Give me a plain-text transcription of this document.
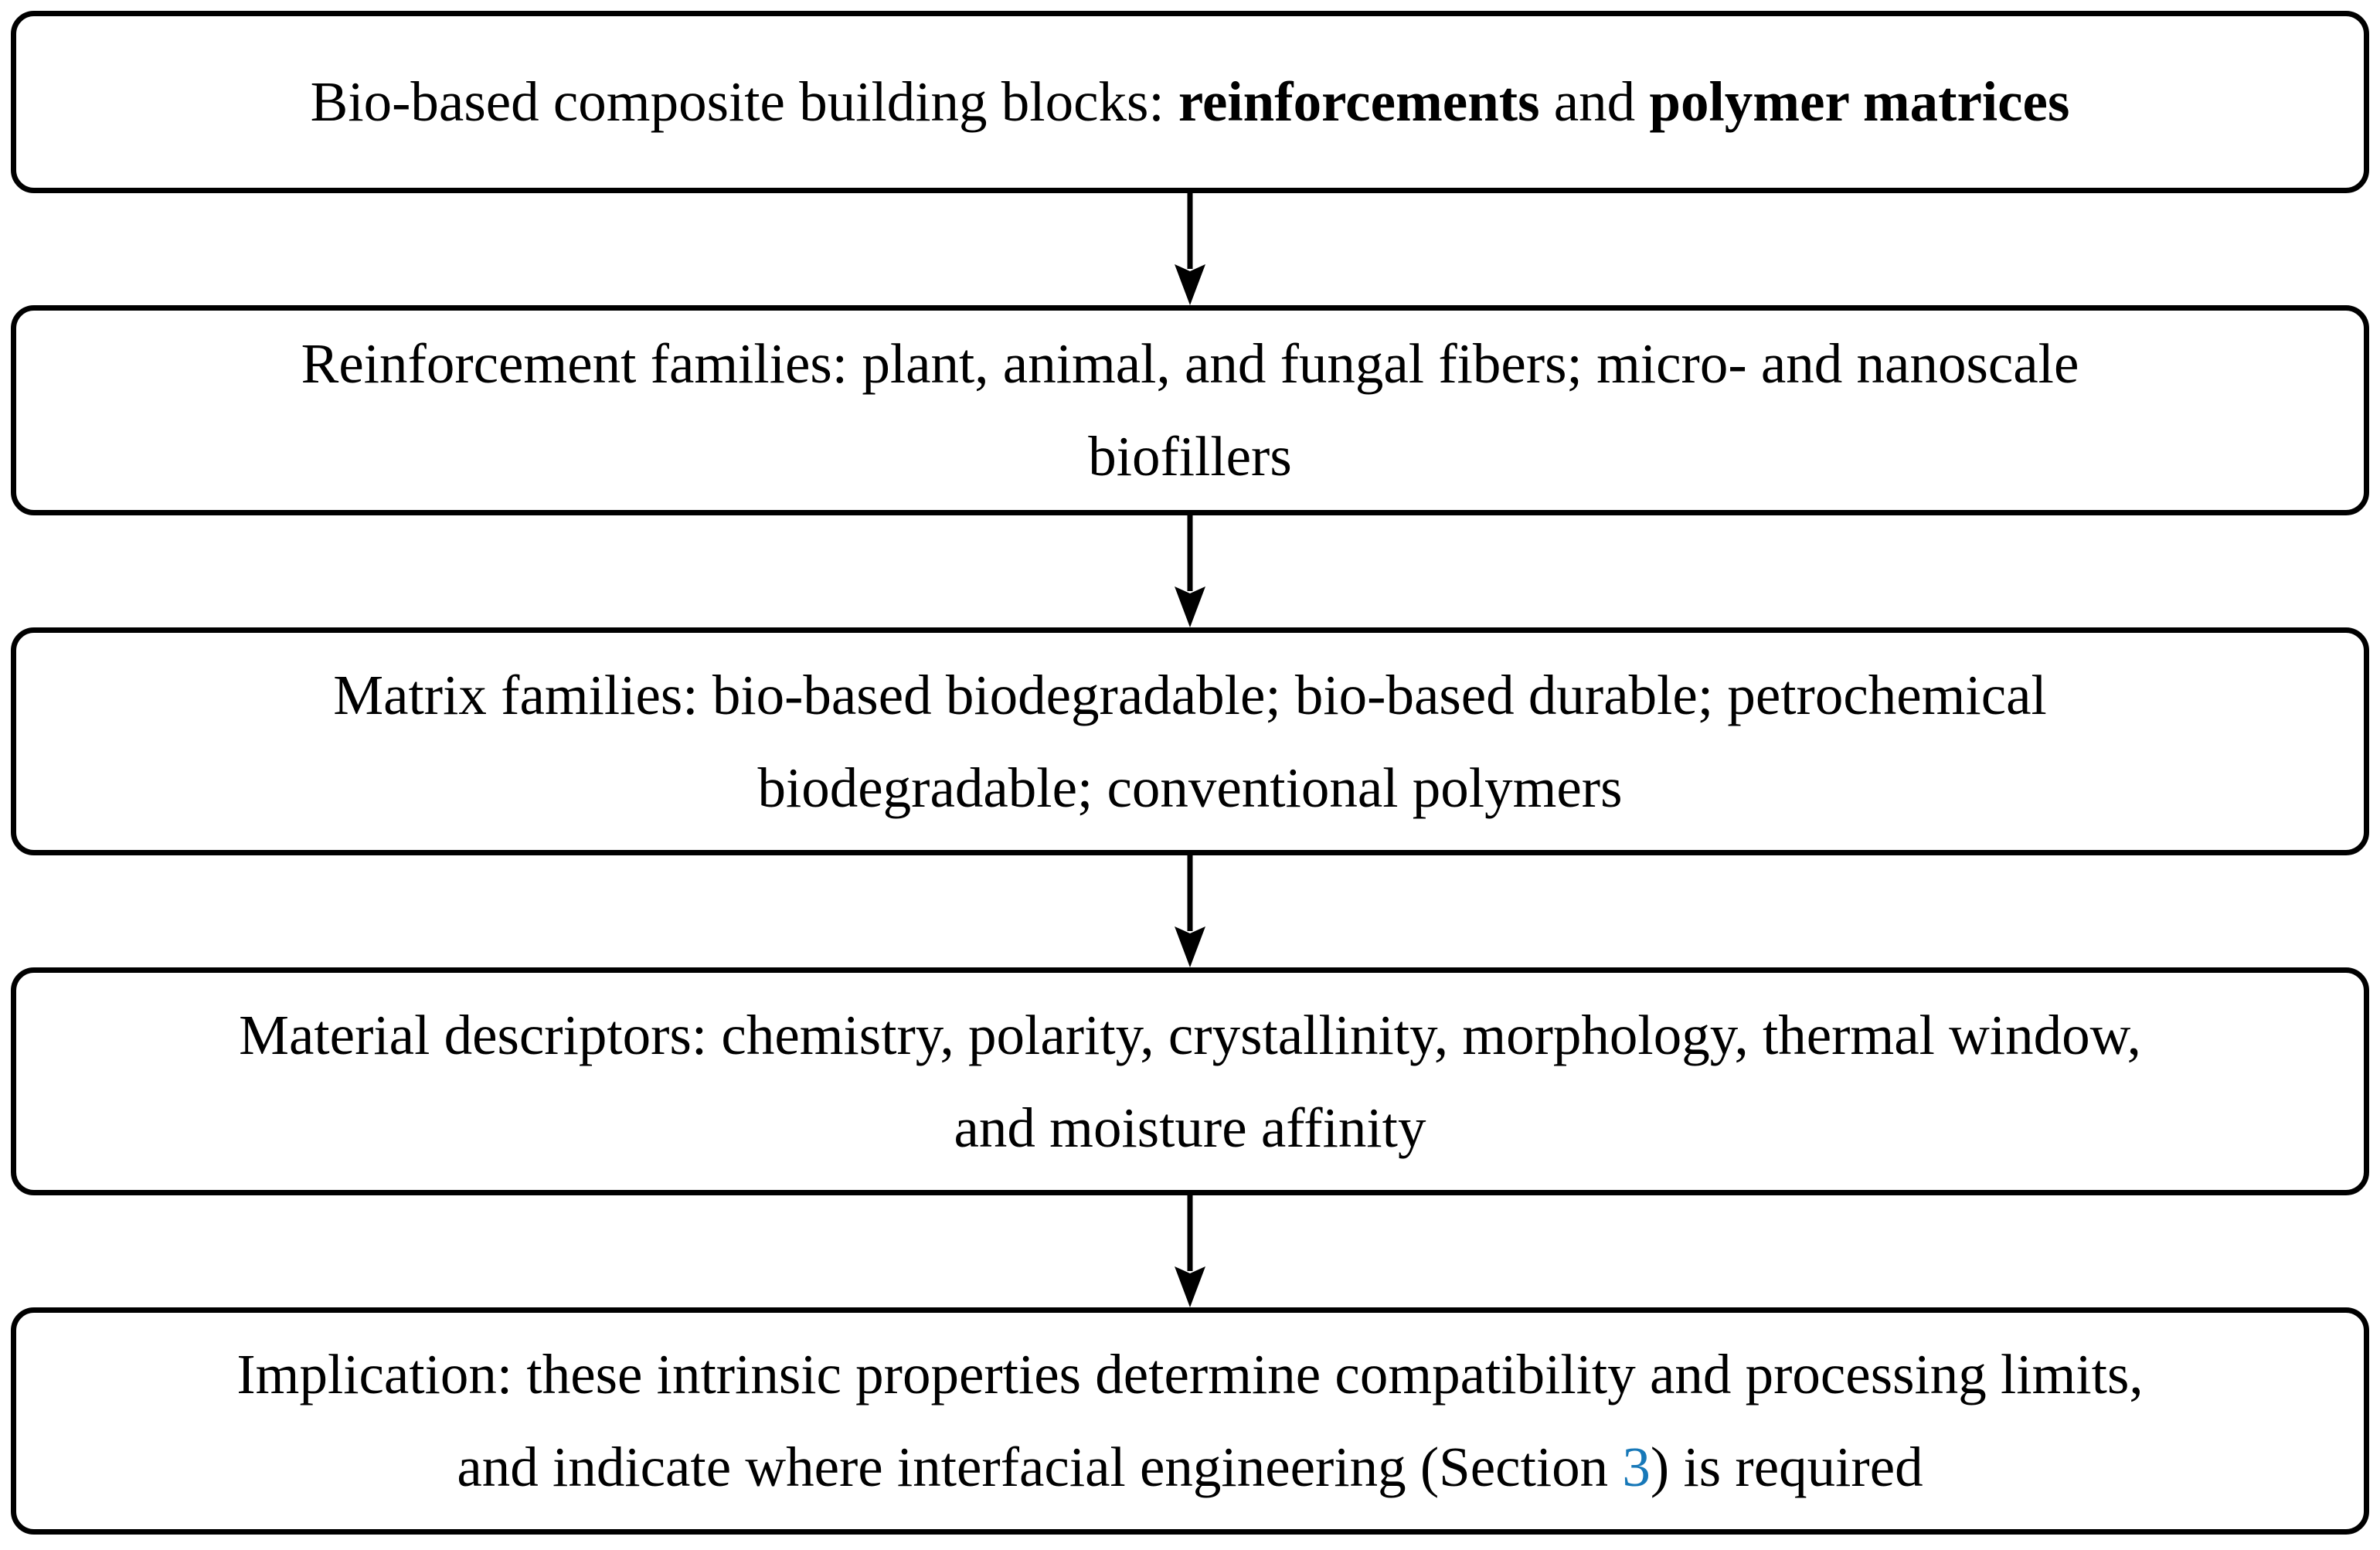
Bio-based composite building blocks: reinforcements and polymer matrices
Reinforcement families: plant, animal, and fungal fibers; micro- and nanoscale
biofillers
Matrix families: bio-based biodegradable; bio-based durable; petrochemical
biodegradable; conventional polymers
Material descriptors: chemistry, polarity, crystallinity, morphology, thermal window,
and moisture affinity
Implication: these intrinsic properties determine compatibility and processing limits,
and indicate where interfacial engineering (Section 3) is required
